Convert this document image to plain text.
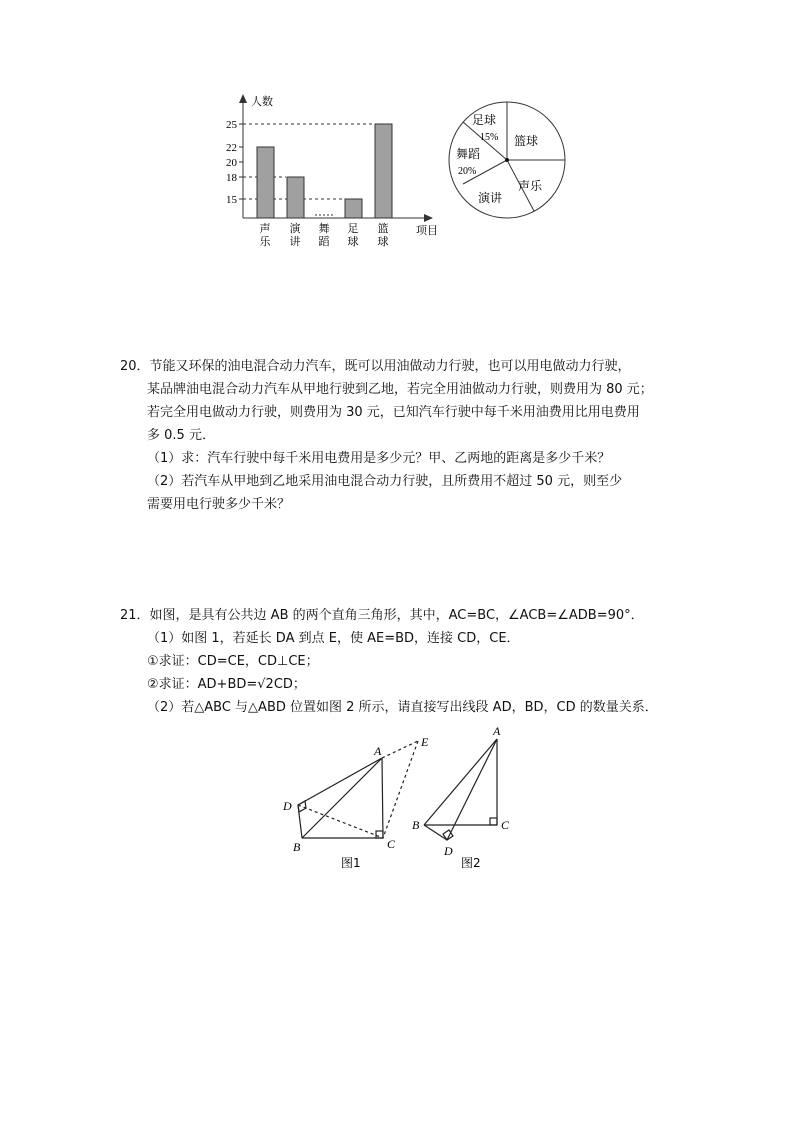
人数
项目
25
22
20
18
15
声乐
演讲
舞蹈
足球
篮球
足球
15% 篮球
舞蹈
20%
声乐
演讲
20．节能又环保的油电混合动力汽车，既可以用油做动力行驶，也可以用电做动力行驶，
某品牌油电混合动力汽车从甲地行驶到乙地，若完全用油做动力行驶，则费用为 80 元；
若完全用电做动力行驶，则费用为 30 元，已知汽车行驶中每千米用油费用比用电费用
多 0.5 元．
（1）求：汽车行驶中每千米用电费用是多少元？甲、乙两地的距离是多少千米？
（2）若汽车从甲地到乙地采用油电混合动力行驶，且所费用不超过 50 元，则至少
需要用电行驶多少千米？
21．如图，是具有公共边 AB 的两个直角三角形，其中，AC=BC，∠ACB=∠ADB=90°．
（1）如图 1，若延长 DA 到点 E，使 AE=BD，连接 CD，CE．
①求证：CD=CE，CD⊥CE；
②求证：AD+BD=√2CD；
（2）若△ABC 与△ABD 位置如图 2 所示，请直接写出线段 AD，BD，CD 的数量关系．
A
E
D
B	C
图1
A
B	C
D
图2
